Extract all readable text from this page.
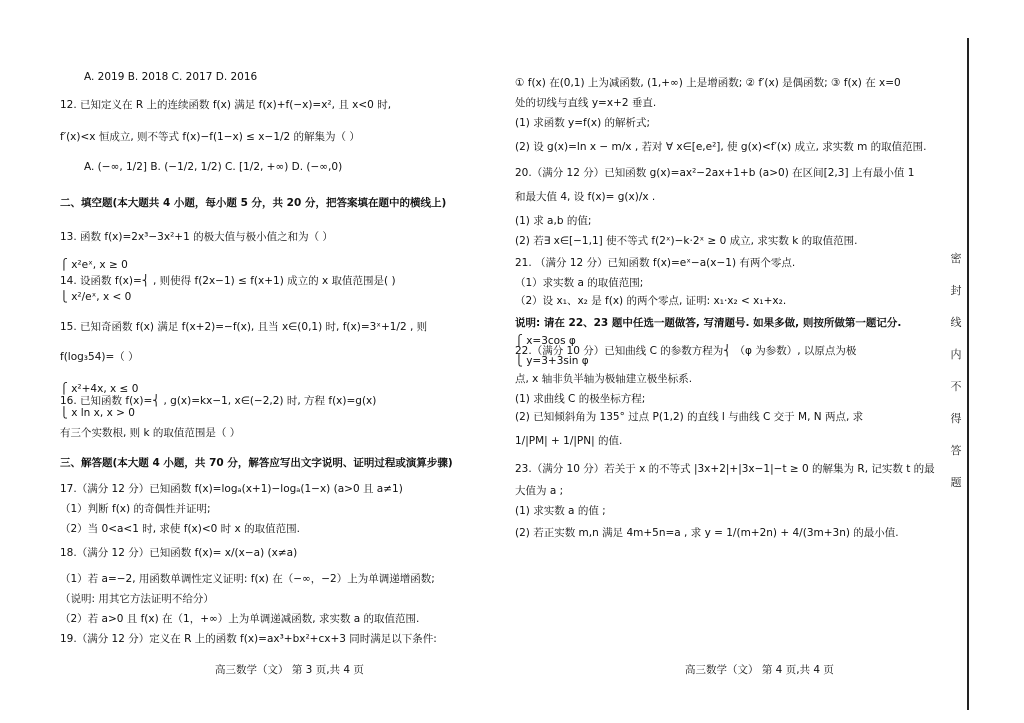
A. 2019 B. 2018 C. 2017 D. 2016
12. 已知定义在 R 上的连续函数 f(x) 满足 f(x)+f(−x)=x², 且 x<0 时,
f′(x)<x 恒成立, 则不等式 f(x)−f(1−x) ≤ x−1/2 的解集为（ ）
A. (−∞, 1/2] B. (−1/2, 1/2) C. [1/2, +∞) D. (−∞,0)
二、填空题(本大题共 4 小题，每小题 5 分，共 20 分，把答案填在题中的横线上)
13. 函数 f(x)=2x³−3x²+1 的极大值与极小值之和为（ ）
⎧ x²eˣ, x ≥ 0
14. 设函数 f(x)=⎨ , 则使得 f(2x−1) ≤ f(x+1) 成立的 x 取值范围是( )
⎩ x²/eˣ, x < 0
15. 已知奇函数 f(x) 满足 f(x+2)=−f(x), 且当 x∈(0,1) 时, f(x)=3ˣ+1/2 , 则
f(log₃54)=（ ）
⎧ x²+4x, x ≤ 0
16. 已知函数 f(x)=⎨ , g(x)=kx−1, x∈(−2,2) 时, 方程 f(x)=g(x)
⎩ x ln x, x > 0
有三个实数根, 则 k 的取值范围是（ ）
三、解答题(本大题 4 小题，共 70 分，解答应写出文字说明、证明过程或演算步骤)
17.（满分 12 分）已知函数 f(x)=logₐ(x+1)−logₐ(1−x) (a>0 且 a≠1)
（1）判断 f(x) 的奇偶性并证明;
（2）当 0<a<1 时, 求使 f(x)<0 时 x 的取值范围.
18.（满分 12 分）已知函数 f(x)= x/(x−a) (x≠a)
（1）若 a=−2, 用函数单调性定义证明: f(x) 在（−∞，−2）上为单调递增函数;
（说明: 用其它方法证明不给分）
（2）若 a>0 且 f(x) 在（1，+∞）上为单调递减函数, 求实数 a 的取值范围.
19.（满分 12 分）定义在 R 上的函数 f(x)=ax³+bx²+cx+3 同时满足以下条件:
高三数学（文） 第 3 页,共 4 页
① f(x) 在(0,1) 上为减函数, (1,+∞) 上是增函数; ② f′(x) 是偶函数; ③ f(x) 在 x=0
处的切线与直线 y=x+2 垂直.
(1) 求函数 y=f(x) 的解析式;
(2) 设 g(x)=ln x − m/x , 若对 ∀ x∈[e,e²], 使 g(x)<f′(x) 成立, 求实数 m 的取值范围.
20.（满分 12 分）已知函数 g(x)=ax²−2ax+1+b (a>0) 在区间[2,3] 上有最小值 1
和最大值 4, 设 f(x)= g(x)/x .
(1) 求 a,b 的值;
(2) 若∃ x∈[−1,1] 使不等式 f(2ˣ)−k·2ˣ ≥ 0 成立, 求实数 k 的取值范围.
21. （满分 12 分）已知函数 f(x)=eˣ−a(x−1) 有两个零点.
（1）求实数 a 的取值范围;
（2）设 x₁、x₂ 是 f(x) 的两个零点, 证明: x₁·x₂ < x₁+x₂.
说明: 请在 22、23 题中任选一题做答, 写清题号. 如果多做, 则按所做第一题记分.
⎧ x=3cos φ
22.（满分 10 分）已知曲线 C 的参数方程为⎨ （φ 为参数）, 以原点为极
⎩ y=3+3sin φ
点, x 轴非负半轴为极轴建立极坐标系.
(1) 求曲线 C 的极坐标方程;
(2) 已知倾斜角为 135° 过点 P(1,2) 的直线 l 与曲线 C 交于 M, N 两点, 求
1/|PM| + 1/|PN| 的值.
23.（满分 10 分）若关于 x 的不等式 |3x+2|+|3x−1|−t ≥ 0 的解集为 R, 记实数 t 的最
大值为 a ;
(1) 求实数 a 的值 ;
(2) 若正实数 m,n 满足 4m+5n=a , 求 y = 1/(m+2n) + 4/(3m+3n) 的最小值.
高三数学（文） 第 4 页,共 4 页
密
封
线
内
不
得
答
题
